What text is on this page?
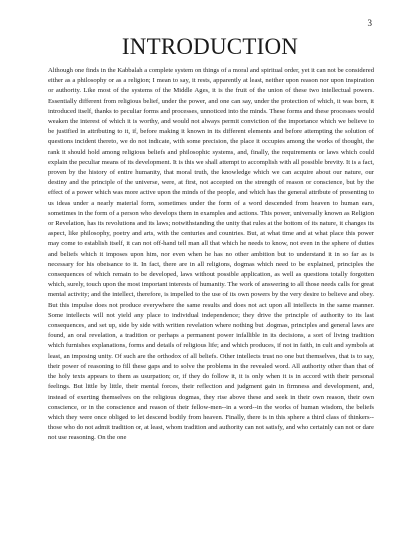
3
INTRODUCTION

Although one finds in the Kabbalah a complete system on things of a moral and spiritual order, yet it can not be considered either as a philosophy or as a religion; I mean to say, it rests, apparently at least, neither upon reason nor upon inspiration or authority. Like most of the systems of the Middle Ages, it is the fruit of the union of these two intellectual powers. Essentially different from religious belief, under the power, and one can say, under the protection of which, it was born, it introduced itself, thanks to peculiar forms and processes, unnoticed into the minds. These forms and these processes would weaken the interest of which it is worthy, and would not always permit conviction of the importance which we believe to be justified in attributing to it, if, before making it known in its different elements and before attempting the solution of questions incident thereto, we do not indicate, with some precision, the place it occupies among the works of thought, the rank it should hold among religious beliefs and philosophic systems, and, finally, the requirements or laws which could explain the peculiar means of its development. It is this we shall attempt to accomplish with all possible brevity. It is a fact, proven by the history of entire humanity, that moral truth, the knowledge which we can acquire about our nature, our destiny and the principle of the universe, were, at first, not accepted on the strength of reason or conscience, but by the effect of a power which was more active upon the minds of the people, and which has the general attribute of presenting to us ideas under a nearly material form, sometimes under the form of a word descended from heaven to human ears, sometimes in the form of a person who develops them in examples and actions. This power, universally known as Religion or Revelation, has its revolutions and its laws; notwithstanding the unity that rules at the bottom of its nature, it changes its aspect, like philosophy, poetry and arts, with the centuries and countries. But, at what time and at what place this power may come to establish itself, it can not off-hand tell man all that which he needs to know, not even in the sphere of duties and beliefs which it imposes upon him, nor even when he has no other ambition but to understand it in so far as is necessary for his obeisance to it. In fact, there are in all religions, dogmas which need to be explained, principles the consequences of which remain to be developed, laws without possible application, as well as questions totally forgotten which, surely, touch upon the most important interests of humanity. The work of answering to all those needs calls for great mental activity; and the intellect, therefore, is impelled to the use of its own powers by the very desire to believe and obey. But this impulse does not produce everywhere the same results and does not act upon all intellects in the same manner. Some intellects will not yield any place to individual independence; they drive the principle of authority to its last consequences, and set up, side by side with written revelation where nothing but .dogmas, principles and general laws are found, an oral revelation, a tradition or perhaps a permanent power infallible in its decisions, a sort of living tradition which furnishes explanations, forms and details of religious life; and which produces, if not in faith, in cult and symbols at least, an imposing unity. Of such are the orthodox of all beliefs. Other intellects trust no one but themselves, that is to say, their power of reasoning to fill these gaps and to solve the problems in the revealed word. All authority other than that of the holy texts appears to them as usurpation; or, if they do follow it, it is only when it is in accord with their personal feelings. But little by little, their mental forces, their reflection and judgment gain in firmness and development, and, instead of exerting themselves on the religious dogmas, they rise above these and seek in their own reason, their own conscience, or in the conscience and reason of their fellow-men--in a word--in the works of human wisdom, the beliefs which they were once obliged to let descend bodily from heaven. Finally, there is in this sphere a third class of thinkers--those who do not admit tradition or, at least, whom tradition and authority can not satisfy, and who certainly can not or dare not use reasoning. On the one
